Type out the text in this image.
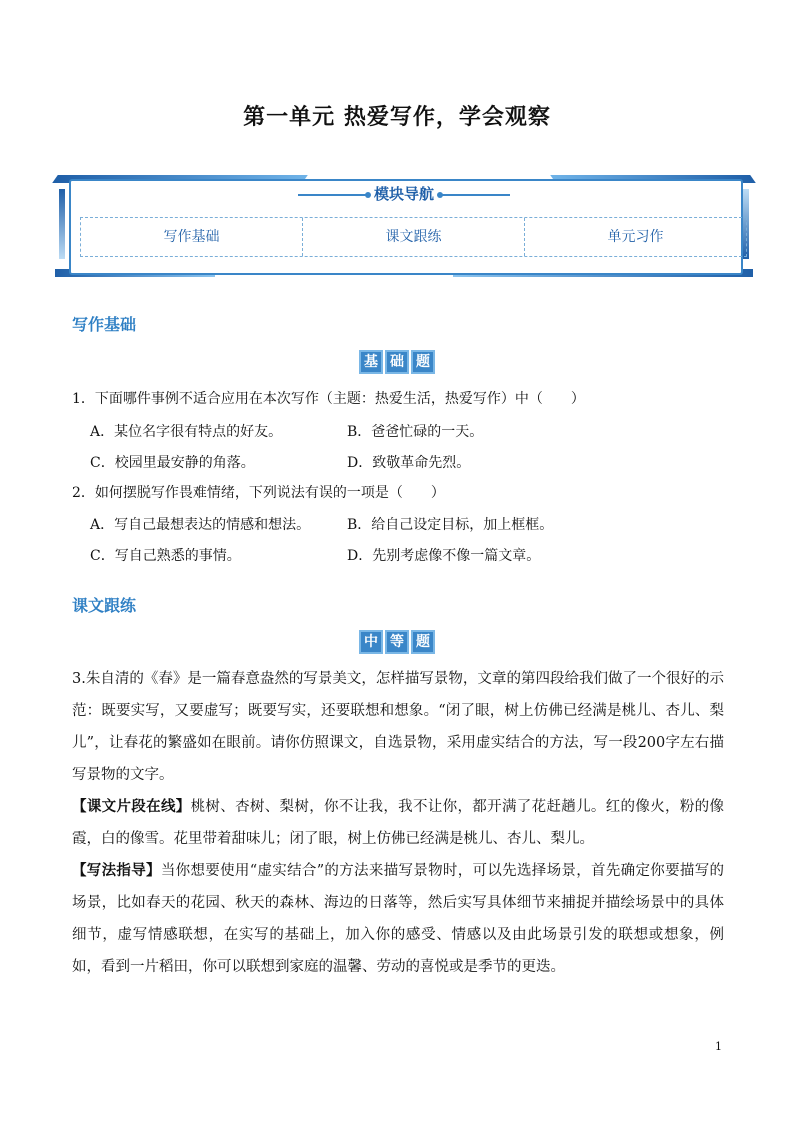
第一单元 热爱写作，学会观察
模块导航
写作基础	课文跟练	单元习作
写作基础
基 础 题
1．下面哪件事例不适合应用在本次写作（主题：热爱生活，热爱写作）中（　　）
A．某位名字很有特点的好友。	B．爸爸忙碌的一天。
C．校园里最安静的角落。	D．致敬革命先烈。
2．如何摆脱写作畏难情绪，下列说法有误的一项是（　　）
A．写自己最想表达的情感和想法。	B．给自己设定目标，加上框框。
C．写自己熟悉的事情。	D．先别考虑像不像一篇文章。
课文跟练
中 等 题
3.朱自清的《春》是一篇春意盎然的写景美文，怎样描写景物，文章的第四段给我们做了一个很好的示范：既要实写，又要虚写；既要写实，还要联想和想象。“闭了眼，树上仿佛已经满是桃儿、杏儿、梨儿”，让春花的繁盛如在眼前。请你仿照课文，自选景物，采用虚实结合的方法，写一段200字左右描写景物的文字。
【课文片段在线】桃树、杏树、梨树，你不让我，我不让你，都开满了花赶趟儿。红的像火，粉的像霞，白的像雪。花里带着甜味儿；闭了眼，树上仿佛已经满是桃儿、杏儿、梨儿。
【写法指导】当你想要使用“虚实结合”的方法来描写景物时，可以先选择场景，首先确定你要描写的场景，比如春天的花园、秋天的森林、海边的日落等，然后实写具体细节来捕捉并描绘场景中的具体细节，虚写情感联想，在实写的基础上，加入你的感受、情感以及由此场景引发的联想或想象，例如，看到一片稻田，你可以联想到家庭的温馨、劳动的喜悦或是季节的更迭。
1
